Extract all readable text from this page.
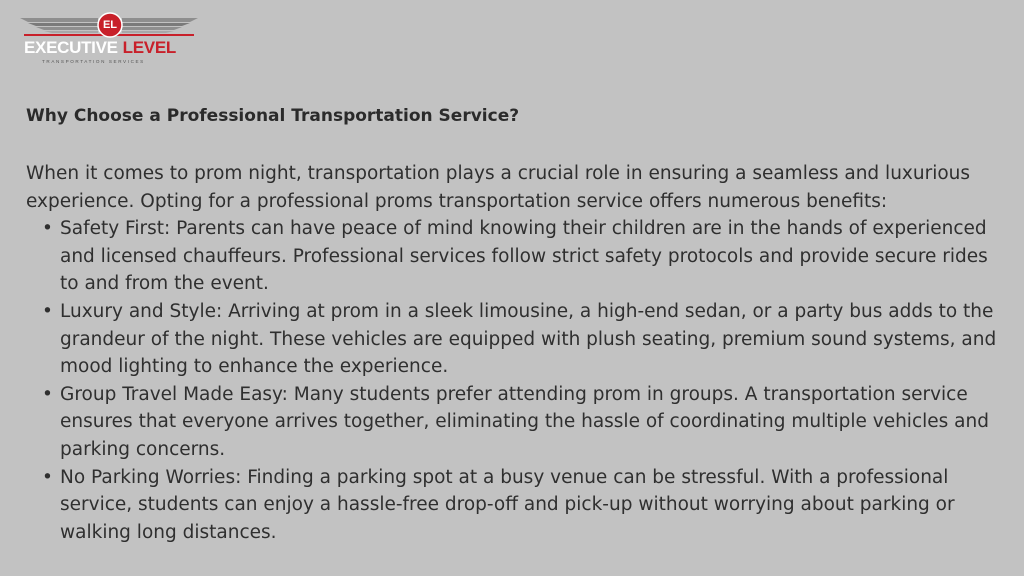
EL
EXECUTIVE LEVEL
TRANSPORTATION SERVICES
Why Choose a Professional Transportation Service?

When it comes to prom night, transportation plays a crucial role in ensuring a seamless and luxurious experience. Opting for a professional proms transportation service offers numerous benefits:

• Safety First: Parents can have peace of mind knowing their children are in the hands of experienced and licensed chauffeurs. Professional services follow strict safety protocols and provide secure rides to and from the event.
• Luxury and Style: Arriving at prom in a sleek limousine, a high-end sedan, or a party bus adds to the grandeur of the night. These vehicles are equipped with plush seating, premium sound systems, and mood lighting to enhance the experience.
• Group Travel Made Easy: Many students prefer attending prom in groups. A transportation service ensures that everyone arrives together, eliminating the hassle of coordinating multiple vehicles and parking concerns.
• No Parking Worries: Finding a parking spot at a busy venue can be stressful. With a professional service, students can enjoy a hassle-free drop-off and pick-up without worrying about parking or walking long distances.
